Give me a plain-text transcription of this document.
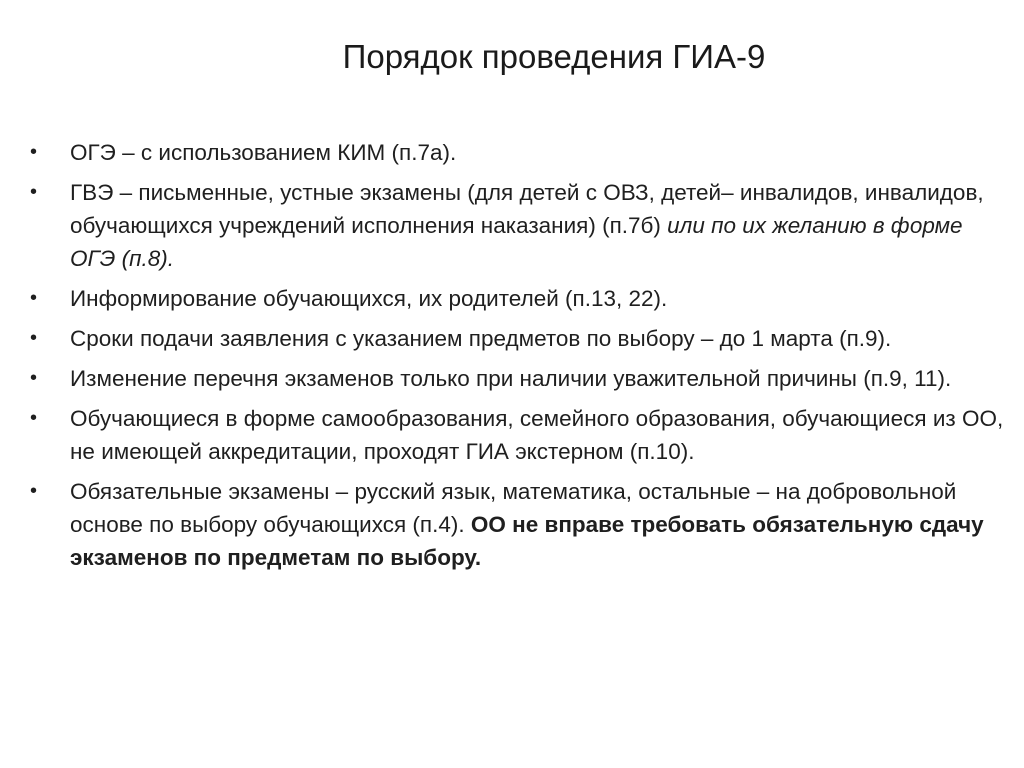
Порядок проведения ГИА-9
• ОГЭ – с использованием КИМ (п.7а).
• ГВЭ – письменные, устные экзамены (для детей с ОВЗ, детей– инвалидов, инвалидов, обучающихся учреждений исполнения наказания) (п.7б) или по их желанию в форме ОГЭ (п.8).
• Информирование обучающихся, их родителей (п.13, 22).
• Сроки подачи заявления с указанием предметов по выбору – до 1 марта (п.9).
• Изменение перечня экзаменов только при наличии уважительной причины (п.9, 11).
• Обучающиеся в форме самообразования, семейного образования, обучающиеся из ОО, не имеющей аккредитации, проходят ГИА экстерном (п.10).
• Обязательные экзамены – русский язык, математика, остальные – на добровольной основе по выбору обучающихся (п.4). ОО не вправе требовать обязательную сдачу экзаменов по предметам по выбору.
